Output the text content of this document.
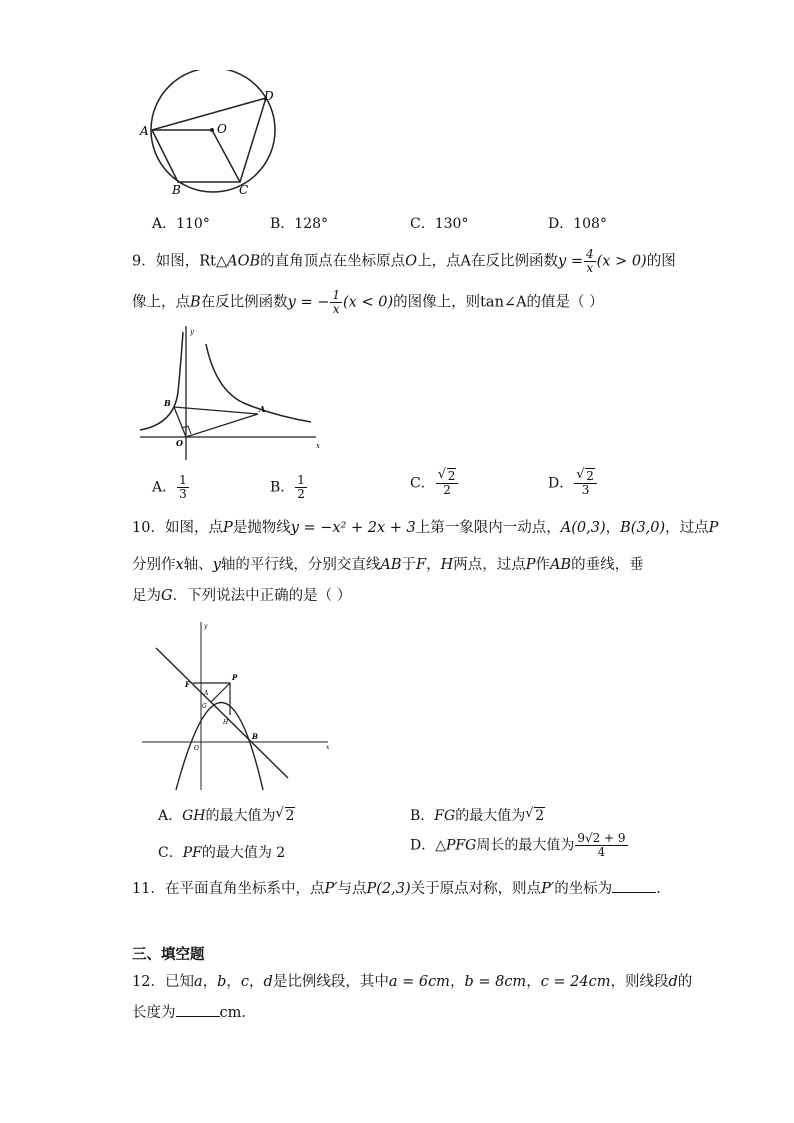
A	O
D
B	C
A．110°	B．128°	C．130°	D．108°
9．如图，Rt△AOB的直角顶点在坐标原点O上，点A在反比例函数$y = \frac{4}{x} (x > 0)$的图
像上，点B在反比例函数y = − $\frac{1}{x} (x < 0)$的图像上，则tan∠A的值是（ ）
B
A
O	x
y
A． $\frac{1}{3}$	B． $\frac{1}{2}$	C． √ $\frac{2}{2}$	D． √ $\frac{2}{3}$
10．如图，点P是抛物线y = −x² + 2x + 3上第一象限内一动点，A(0,3)，B(3,0)，过点P
分别作x轴、y轴的平行线，分别交直线AB于F，H两点，过点P作AB的垂线，垂
足为G．下列说法中正确的是（ ）
F
P
A
G
H
B
O	x
y
A．GH的最大值为 √ 2	B．FG的最大值为 √ 2
C．PF的最大值为 2	D．△PFG周长的最大值为 $\frac{9√2 + 9}{4}$
11．在平面直角坐标系中，点P′与点P(2,3)关于原点对称，则点P′的坐标为	．
三、填空题
12．已知a，b，c，d是比例线段，其中a = 6cm，b = 8cm，c = 24cm，则线段d的
长度为	cm．
